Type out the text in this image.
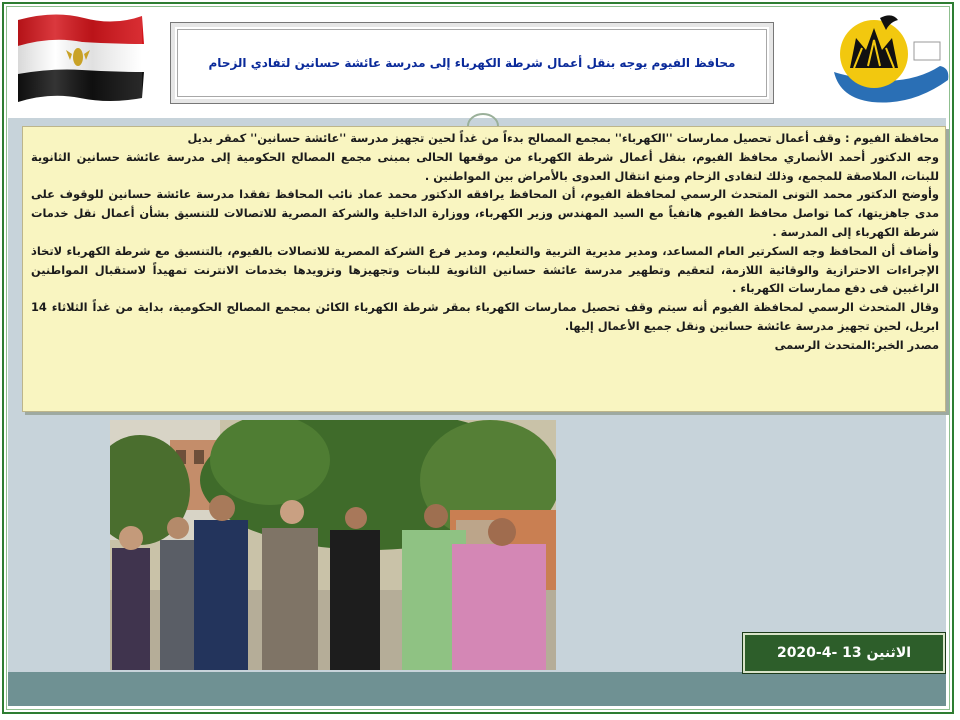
محافظ الفيوم يوجه بنقل أعمال شرطة الكهرباء إلى مدرسة عائشة حسانين لتفادي الزحام

محافظة الفيوم : وقف أعمال تحصيل ممارسات ''الكهرباء'' بمجمع المصالح بدءاً من غداً لحين تجهيز مدرسة ''عائشة حسانين'' كمقر بديل

وجه الدكتور أحمد الأنصاري محافظ الفيوم، بنقل أعمال شرطة الكهرباء من موقعها الحالى بمبنى مجمع المصالح الحكومية إلى مدرسة عائشة حسانين الثانوية للبنات، الملاصقة للمجمع، وذلك لتفادى الزحام ومنع انتقال العدوى بالأمراض بين المواطنين .

وأوضح الدكتور محمد التونى المتحدث الرسمي لمحافظة الفيوم، أن المحافظ يرافقه الدكتور محمد عماد نائب المحافظ تفقدا مدرسة عائشة حسانين للوقوف على مدى جاهزيتها، كما تواصل محافظ الفيوم هاتفياً مع السيد المهندس وزير الكهرباء، ووزارة الداخلية والشركة المصرية للاتصالات للتنسيق بشأن أعمال نقل خدمات شرطة الكهرباء إلى المدرسة .

وأضاف أن المحافظ وجه السكرتير العام المساعد، ومدير مديرية التربية والتعليم، ومدير فرع الشركة المصرية للاتصالات بالفيوم، بالتنسيق مع شرطة الكهرباء لاتخاذ الإجراءات الاحترازية والوقائية اللازمة، لتعقيم وتطهير مدرسة عائشة حسانين الثانوية للبنات وتجهيزها وتزويدها بخدمات الانترنت تمهيداً لاستقبال المواطنين الراغبين فى دفع ممارسات الكهرباء .

وقال المتحدث الرسمي لمحافظة الفيوم أنه سيتم وقف تحصيل ممارسات الكهرباء بمقر شرطة الكهرباء الكائن بمجمع المصالح الحكومية، بداية من غداً الثلاثاء 14 ابريل، لحين تجهيز مدرسة عائشة حسانين ونقل جميع الأعمال إليها.

مصدر الخبر:المتحدث الرسمى

الاثنين 13 -4-2020
